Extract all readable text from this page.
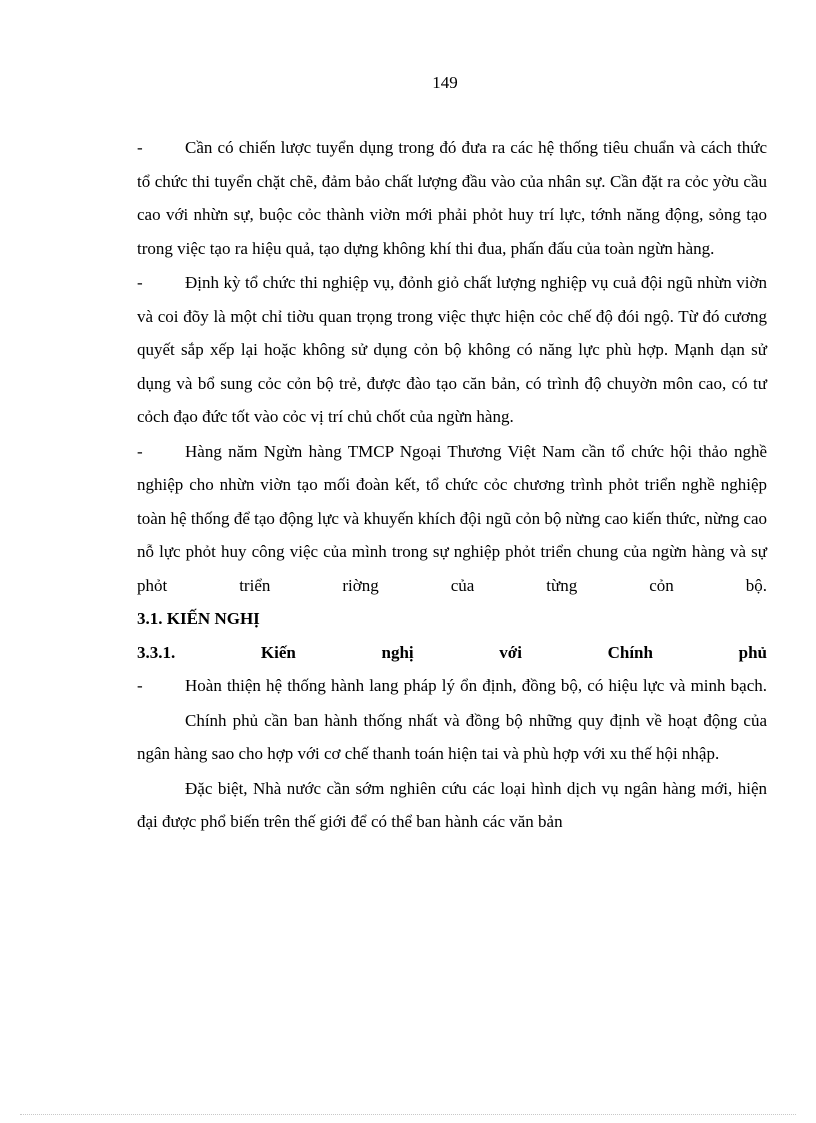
149

- Cần có chiến lược tuyển dụng trong đó đưa ra các hệ thống tiêu chuẩn và cách thức tổ chức thi tuyển chặt chẽ, đảm bảo chất lượng đầu vào của nhân sự. Cần đặt ra cỏc yờu cầu cao với nhừn sự, buộc cỏc thành viờn mới phải phỏt huy trí lực, tớnh năng động, sỏng tạo trong việc tạo ra hiệu quả, tạo dựng không khí thi đua, phấn đấu của toàn ngừn hàng.

- Định kỳ tổ chức thi nghiệp vụ, đỏnh giỏ chất lượng nghiệp vụ cuả đội ngũ nhừn viờn và coi đõy là một chỉ tiờu quan trọng trong việc thực hiện cỏc chế độ đói ngộ. Từ đó cương quyết sắp xếp lại hoặc không sử dụng cỏn bộ không có năng lực phù hợp. Mạnh dạn sử dụng và bổ sung cỏc cỏn bộ trẻ, được đào tạo căn bản, có trình độ chuyờn môn cao, có tư cỏch đạo đức tốt vào cỏc vị trí chủ chốt của ngừn hàng.

- Hàng năm Ngừn hàng TMCP Ngoại Thương Việt Nam cần tổ chức hội thảo nghề nghiệp cho nhừn viờn tạo mối đoàn kết, tổ chức cỏc chương trình phỏt triển nghề nghiệp toàn hệ thống để tạo động lực và khuyến khích đội ngũ cỏn bộ nừng cao kiến thức, nừng cao nỗ lực phỏt huy công việc của mình trong sự nghiệp phỏt triển chung của ngừn hàng và sự phỏt triển riờng của từng cỏn bộ.

3.1. KIẾN NGHỊ

3.3.1. Kiến nghị với Chính phủ

- Hoàn thiện hệ thống hành lang pháp lý ổn định, đồng bộ, có hiệu lực và minh bạch.

Chính phủ cần ban hành thống nhất và đồng bộ những quy định về hoạt động của ngân hàng sao cho hợp với cơ chế thanh toán hiện tai và phù hợp với xu thế hội nhập.

Đặc biệt, Nhà nước cần sớm nghiên cứu các loại hình dịch vụ ngân hàng mới, hiện đại được phổ biến trên thế giới để có thể ban hành các văn bản
